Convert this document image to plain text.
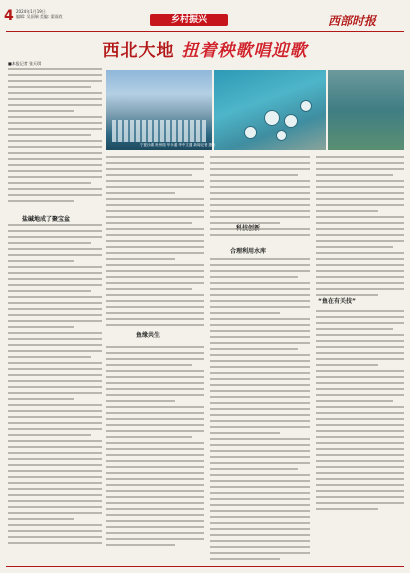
4 2024年1月19日
编辑: 吴国瑞 美编: 梁雨欣	乡村振兴	西部时报
西北大地 扭着秧歌唱迎歌
■本报记者 张天琪
宁夏沙湖 贵州瑞 华永通 华中文通 新闻记者 摄影
盐碱地成了聚宝盆
鱼缘共生
合理利用水库
“鱼在有关技”
